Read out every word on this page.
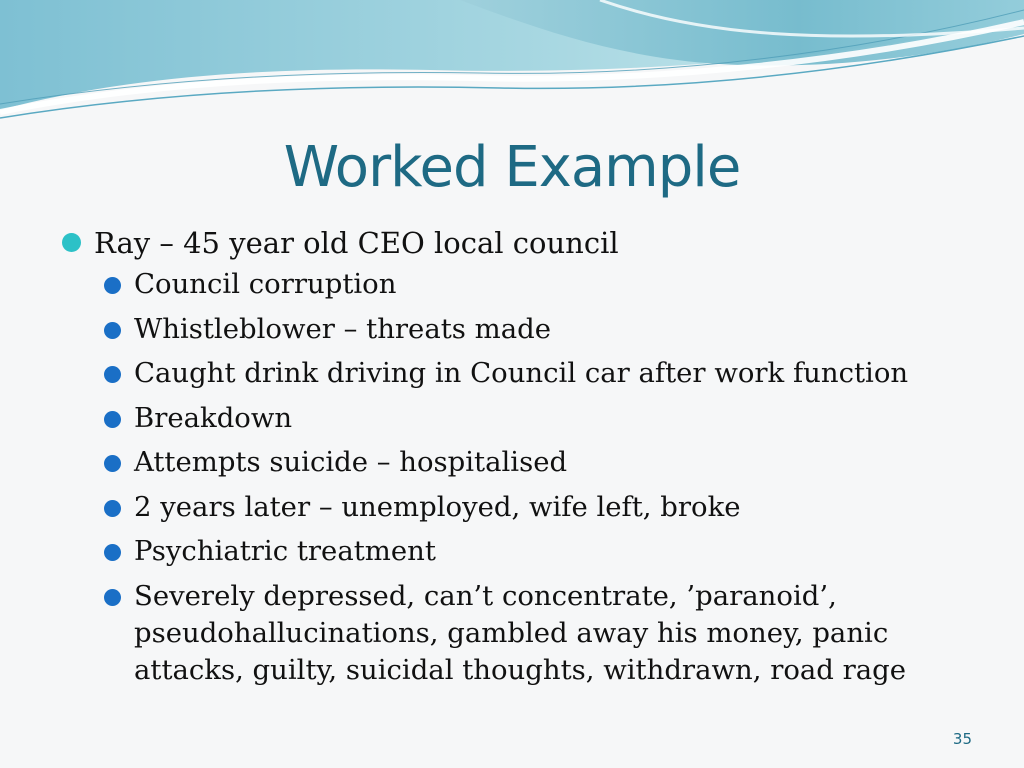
Worked Example

Ray – 45 year old CEO local council

Council corruption

Whistleblower – threats made

Caught drink driving in Council car after work function

Breakdown

Attempts suicide – hospitalised

2 years later – unemployed, wife left, broke

Psychiatric treatment

Severely depressed, can’t concentrate, ’paranoid’, pseudohallucinations, gambled away his money, panic attacks, guilty, suicidal thoughts, withdrawn, road rage

35
